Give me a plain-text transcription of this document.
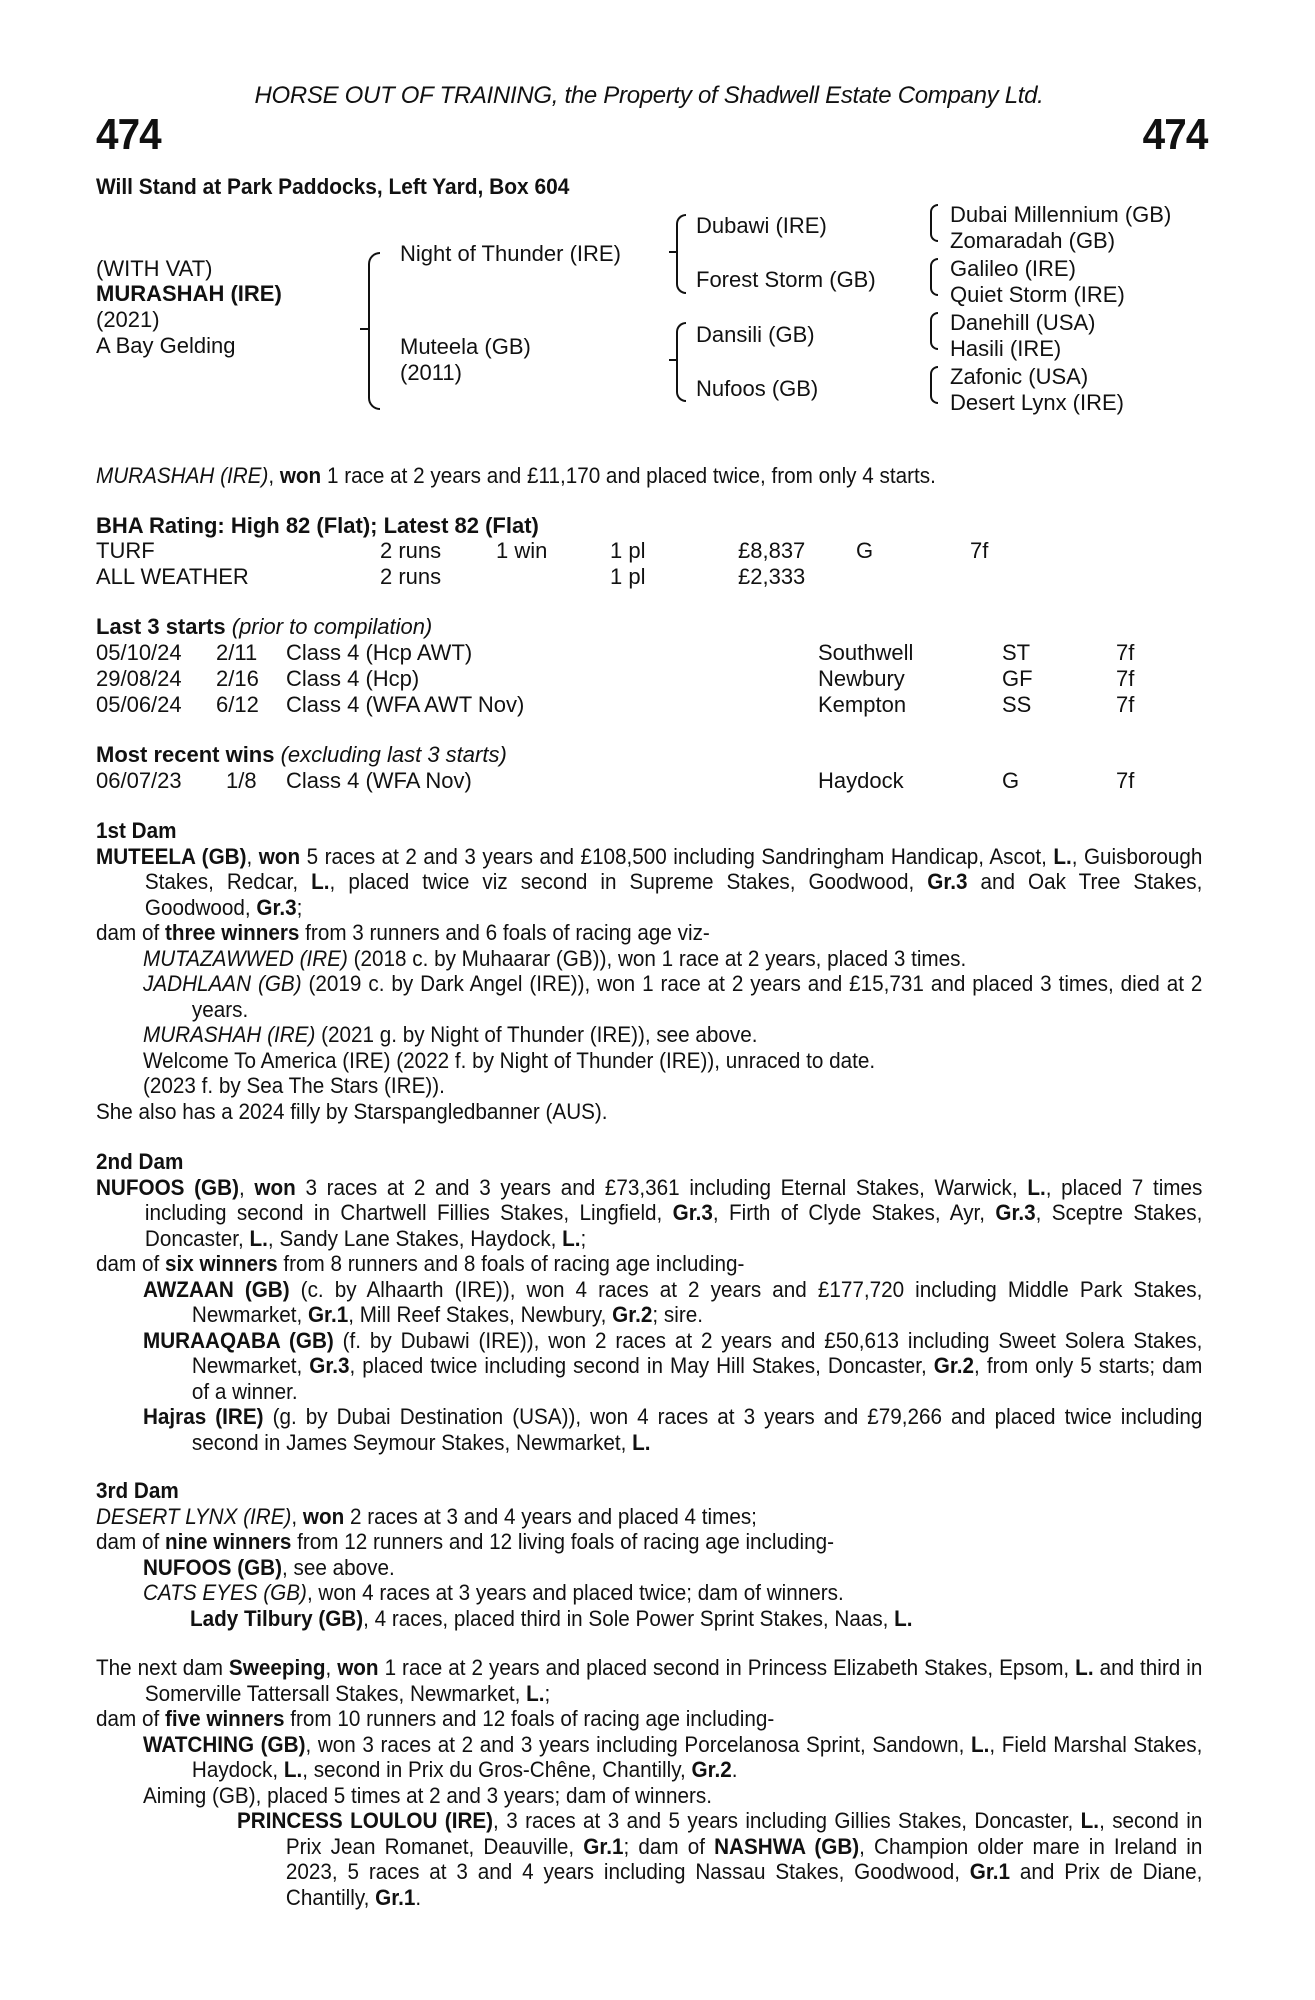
HORSE OUT OF TRAINING, the Property of Shadwell Estate Company Ltd.
474	474
Will Stand at Park Paddocks, Left Yard, Box 604
(WITH VAT)
MURASHAH (IRE)
(2021)
A Bay Gelding
Night of Thunder (IRE)
Muteela (GB)
(2011)
Dubawi (IRE)
Forest Storm (GB)
Dansili (GB)
Nufoos (GB)
Dubai Millennium (GB)
Zomaradah (GB)
Galileo (IRE)
Quiet Storm (IRE)
Danehill (USA)
Hasili (IRE)
Zafonic (USA)
Desert Lynx (IRE)
MURASHAH (IRE), won 1 race at 2 years and £11,170 and placed twice, from only 4 starts.
BHA Rating: High 82 (Flat); Latest 82 (Flat)
TURF	2 runs 1 win	1 pl	£8,837 G	7f
ALL WEATHER	2 runs	1 pl	£2,333
Last 3 starts (prior to compilation)
05/10/24 2/11 Class 4 (Hcp AWT)	Southwell	ST	7f
29/08/24 2/16 Class 4 (Hcp)	Newbury	GF	7f
05/06/24 6/12 Class 4 (WFA AWT Nov)	Kempton	SS	7f
Most recent wins (excluding last 3 starts)
06/07/23 1/8 Class 4 (WFA Nov)	Haydock	G	7f
1st Dam
MUTEELA (GB), won 5 races at 2 and 3 years and £108,500 including Sandringham Handicap, Ascot, L., Guisborough Stakes, Redcar, L., placed twice viz second in Supreme Stakes, Goodwood, Gr.3 and Oak Tree Stakes, Goodwood, Gr.3;
dam of three winners from 3 runners and 6 foals of racing age viz-
MUTAZAWWED (IRE) (2018 c. by Muhaarar (GB)), won 1 race at 2 years, placed 3 times.
JADHLAAN (GB) (2019 c. by Dark Angel (IRE)), won 1 race at 2 years and £15,731 and placed 3 times, died at 2 years.
MURASHAH (IRE) (2021 g. by Night of Thunder (IRE)), see above.
Welcome To America (IRE) (2022 f. by Night of Thunder (IRE)), unraced to date.
(2023 f. by Sea The Stars (IRE)).
She also has a 2024 filly by Starspangledbanner (AUS).
2nd Dam
NUFOOS (GB), won 3 races at 2 and 3 years and £73,361 including Eternal Stakes, Warwick, L., placed 7 times including second in Chartwell Fillies Stakes, Lingfield, Gr.3, Firth of Clyde Stakes, Ayr, Gr.3, Sceptre Stakes, Doncaster, L., Sandy Lane Stakes, Haydock, L.;
dam of six winners from 8 runners and 8 foals of racing age including-
AWZAAN (GB) (c. by Alhaarth (IRE)), won 4 races at 2 years and £177,720 including Middle Park Stakes, Newmarket, Gr.1, Mill Reef Stakes, Newbury, Gr.2; sire.
MURAAQABA (GB) (f. by Dubawi (IRE)), won 2 races at 2 years and £50,613 including Sweet Solera Stakes, Newmarket, Gr.3, placed twice including second in May Hill Stakes, Doncaster, Gr.2, from only 5 starts; dam of a winner.
Hajras (IRE) (g. by Dubai Destination (USA)), won 4 races at 3 years and £79,266 and placed twice including second in James Seymour Stakes, Newmarket, L.
3rd Dam
DESERT LYNX (IRE), won 2 races at 3 and 4 years and placed 4 times;
dam of nine winners from 12 runners and 12 living foals of racing age including-
NUFOOS (GB), see above.
CATS EYES (GB), won 4 races at 3 years and placed twice; dam of winners.
Lady Tilbury (GB), 4 races, placed third in Sole Power Sprint Stakes, Naas, L.
The next dam Sweeping, won 1 race at 2 years and placed second in Princess Elizabeth Stakes, Epsom, L. and third in Somerville Tattersall Stakes, Newmarket, L.;
dam of five winners from 10 runners and 12 foals of racing age including-
WATCHING (GB), won 3 races at 2 and 3 years including Porcelanosa Sprint, Sandown, L., Field Marshal Stakes, Haydock, L., second in Prix du Gros-Chêne, Chantilly, Gr.2.
Aiming (GB), placed 5 times at 2 and 3 years; dam of winners.
PRINCESS LOULOU (IRE), 3 races at 3 and 5 years including Gillies Stakes, Doncaster, L., second in Prix Jean Romanet, Deauville, Gr.1; dam of NASHWA (GB), Champion older mare in Ireland in 2023, 5 races at 3 and 4 years including Nassau Stakes, Goodwood, Gr.1 and Prix de Diane, Chantilly, Gr.1.
